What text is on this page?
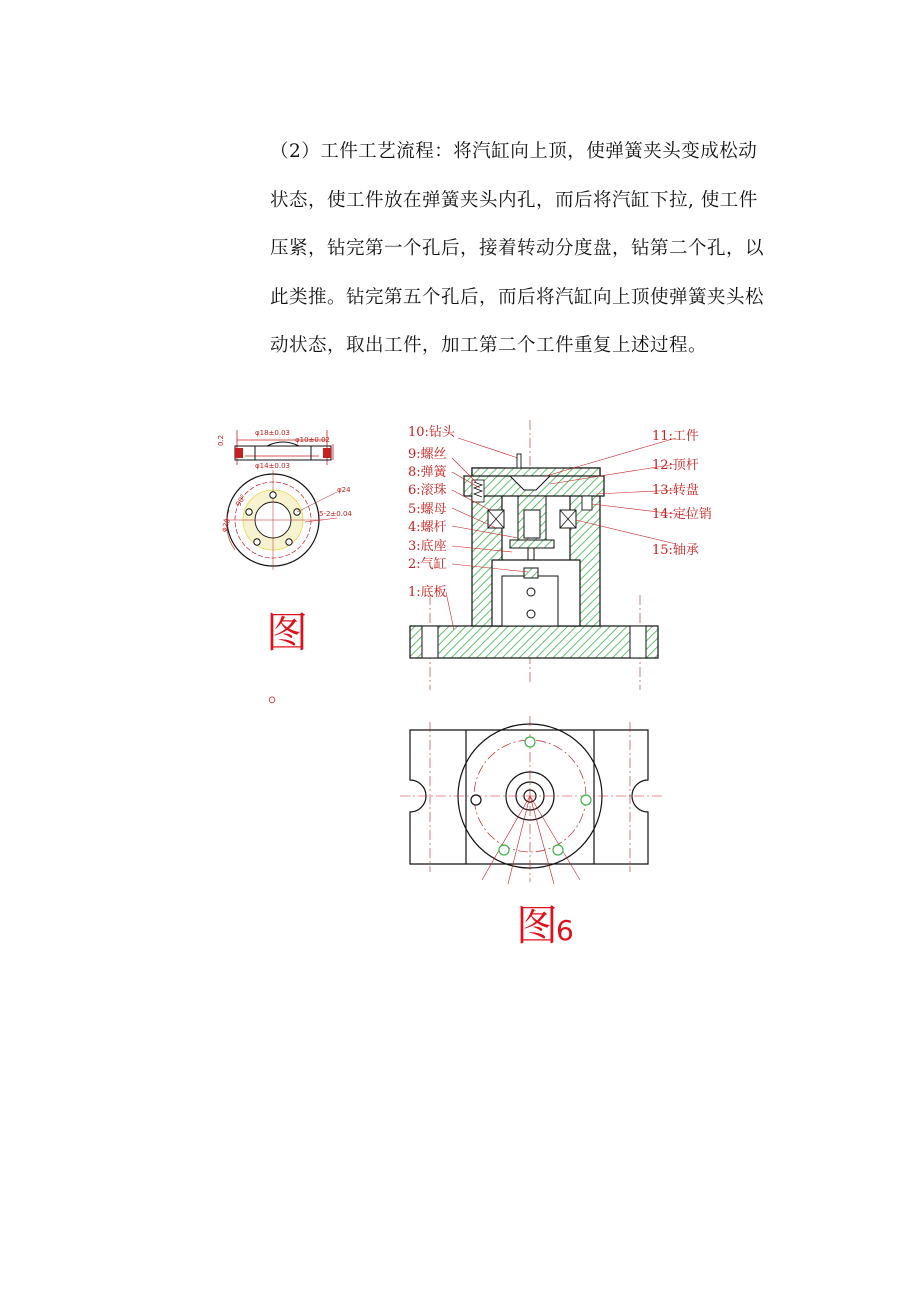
（2）工件工艺流程：将汽缸向上顶，使弹簧夹头变成松动
状态，使工件放在弹簧夹头内孔，而后将汽缸下拉, 使工件
压紧，钻完第一个孔后，接着转动分度盘，钻第二个孔，以
此类推。钻完第五个孔后，而后将汽缸向上顶使弹簧夹头松
动状态，取出工件，加工第二个工件重复上述过程。
φ18±0.03
φ10±0.02
φ14±0.03
0.2
φ24
5-2±0.04
φ20
90°
图
。
10:钻头
9:螺丝
8:弹簧
6:滚珠
5:螺母
4:螺杆
3:底座
2:气缸
1:底板
11:工件
12:顶杆
13:转盘
14:定位销
15:轴承
图
6
